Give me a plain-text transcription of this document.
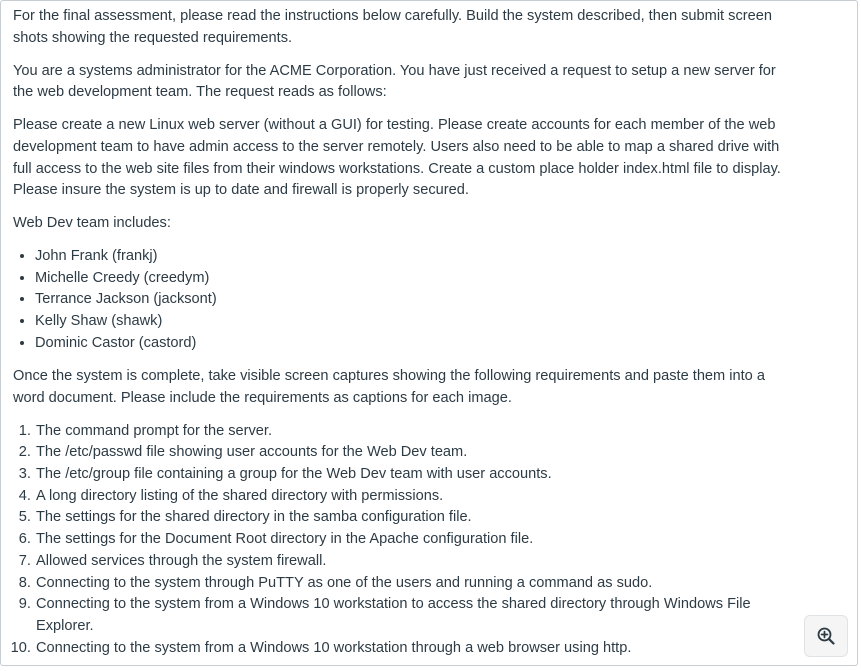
For the final assessment, please read the instructions below carefully. Build the system described, then submit screen shots showing the requested requirements.

You are a systems administrator for the ACME Corporation. You have just received a request to setup a new server for the web development team. The request reads as follows:

Please create a new Linux web server (without a GUI) for testing. Please create accounts for each member of the web development team to have admin access to the server remotely. Users also need to be able to map a shared drive with full access to the web site files from their windows workstations. Create a custom place holder index.html file to display. Please insure the system is up to date and firewall is properly secured.

Web Dev team includes:

• John Frank (frankj)
• Michelle Creedy (creedym)
• Terrance Jackson (jacksont)
• Kelly Shaw (shawk)
• Dominic Castor (castord)

Once the system is complete, take visible screen captures showing the following requirements and paste them into a word document. Please include the requirements as captions for each image.

1. The command prompt for the server.
2. The /etc/passwd file showing user accounts for the Web Dev team.
3. The /etc/group file containing a group for the Web Dev team with user accounts.
4. A long directory listing of the shared directory with permissions.
5. The settings for the shared directory in the samba configuration file.
6. The settings for the Document Root directory in the Apache configuration file.
7. Allowed services through the system firewall.
8. Connecting to the system through PuTTY as one of the users and running a command as sudo.
9. Connecting to the system from a Windows 10 workstation to access the shared directory through Windows File Explorer.
10. Connecting to the system from a Windows 10 workstation through a web browser using http.
